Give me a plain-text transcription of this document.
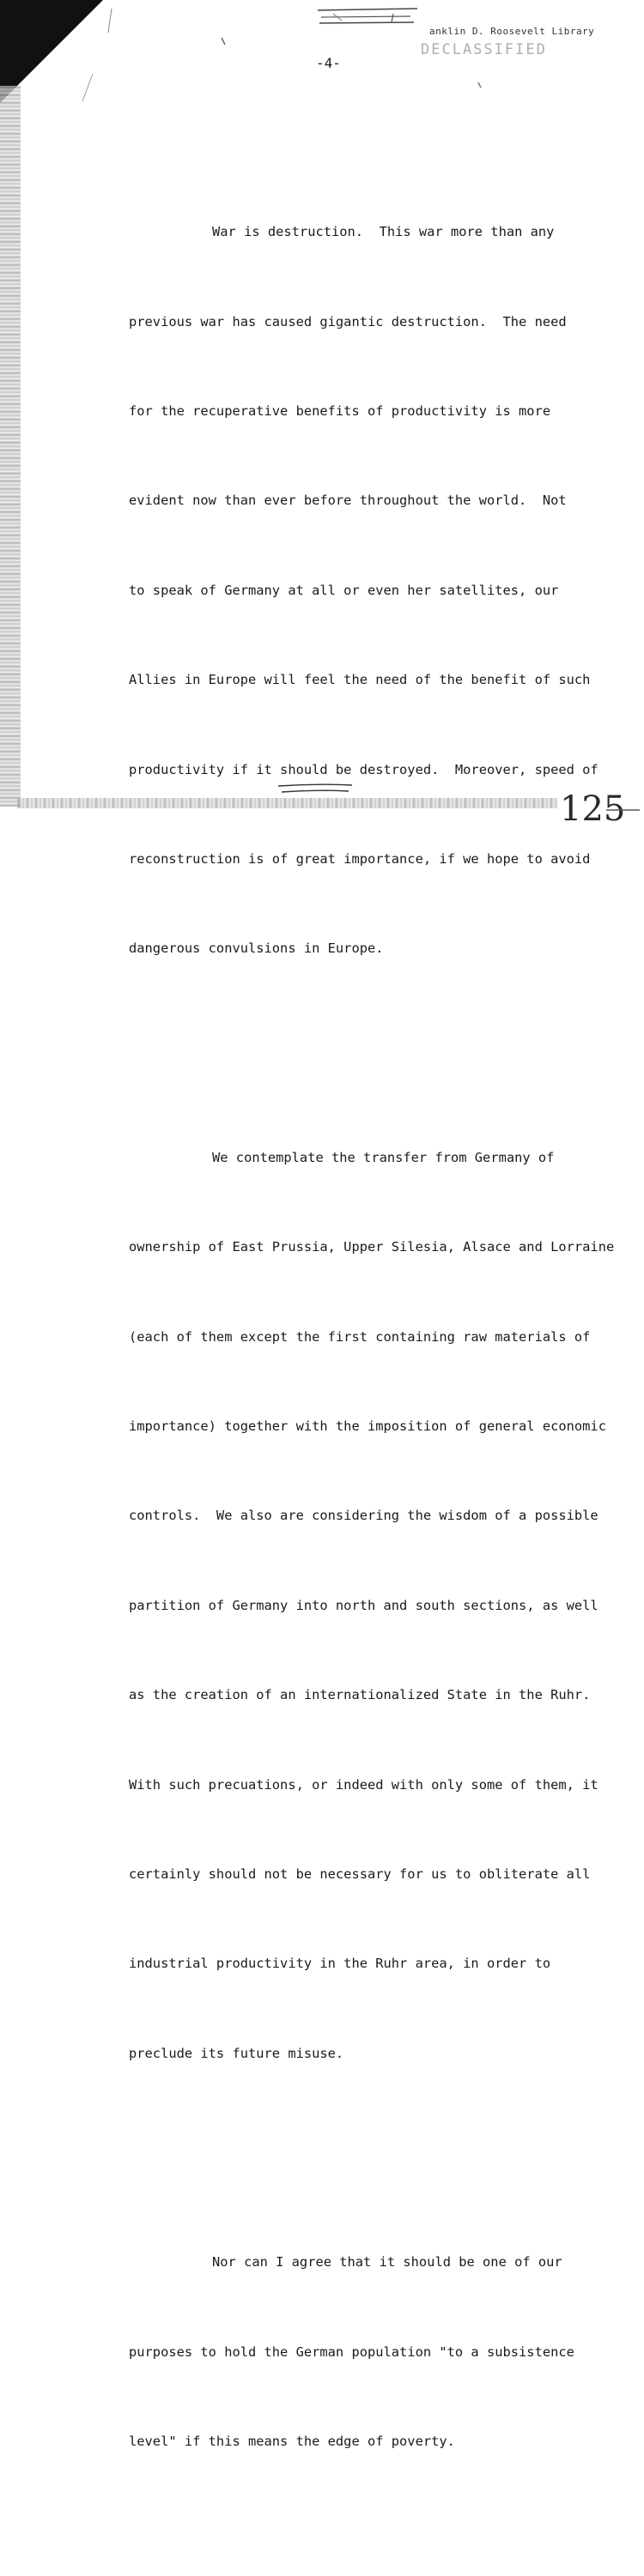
anklin D. Roosevelt Library
DECLASSIFIED
-4-

War is destruction.  This war more than any

previous war has caused gigantic destruction.  The need

for the recuperative benefits of productivity is more

evident now than ever before throughout the world.  Not

to speak of Germany at all or even her satellites, our

Allies in Europe will feel the need of the benefit of such

productivity if it should be destroyed.  Moreover, speed of

reconstruction is of great importance, if we hope to avoid

dangerous convulsions in Europe.

We contemplate the transfer from Germany of

ownership of East Prussia, Upper Silesia, Alsace and Lorraine

(each of them except the first containing raw materials of

importance) together with the imposition of general economic

controls.  We also are considering the wisdom of a possible

partition of Germany into north and south sections, as well

as the creation of an internationalized State in the Ruhr.

With such precuations, or indeed with only some of them, it

certainly should not be necessary for us to obliterate all

industrial productivity in the Ruhr area, in order to

preclude its future misuse.

Nor can I agree that it should be one of our

purposes to hold the German population "to a subsistence

level" if this means the edge of poverty.

125
